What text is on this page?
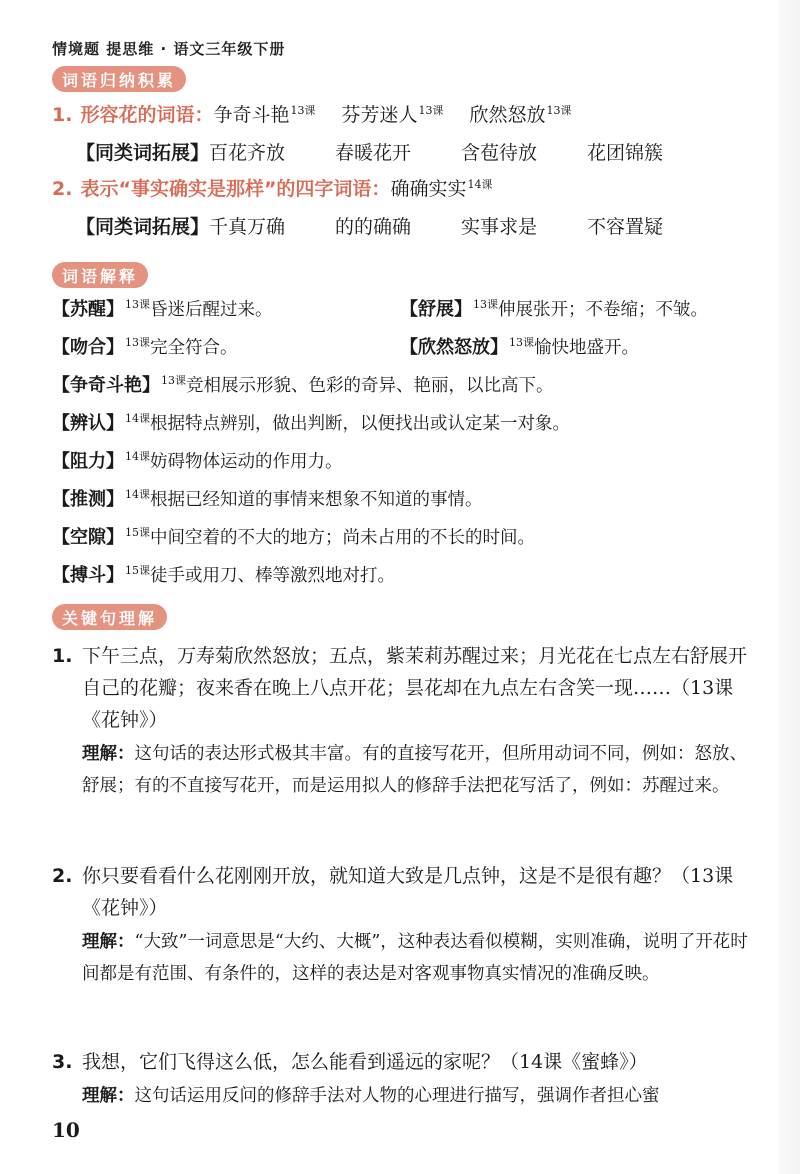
情境题 提思维 · 语文三年级下册
词语归纳积累
1. 形容花的词语：争奇斗艳$^{13课}$ 芬芳迷人$^{13课}$ 欣然怒放$^{13课}$
【同类词拓展】百花齐放	春暖花开	含苞待放	花团锦簇
2. 表示“事实确实是那样”的四字词语：确确实实$^{14课}$
【同类词拓展】千真万确	的的确确	实事求是	不容置疑
词语解释
【苏醒】$^{13课}$昏迷后醒过来。	【舒展】$^{13课}$伸展张开；不卷缩；不皱。
【吻合】$^{13课}$完全符合。	【欣然怒放】$^{13课}$愉快地盛开。
【争奇斗艳】$^{13课}$竞相展示形貌、色彩的奇异、艳丽，以比高下。
【辨认】$^{14课}$根据特点辨别，做出判断，以便找出或认定某一对象。
【阻力】$^{14课}$妨碍物体运动的作用力。
【推测】$^{14课}$根据已经知道的事情来想象不知道的事情。
【空隙】$^{15课}$中间空着的不大的地方；尚未占用的不长的时间。
【搏斗】$^{15课}$徒手或用刀、棒等激烈地对打。
关键句理解
1. 下午三点，万寿菊欣然怒放；五点，紫茉莉苏醒过来；月光花在七点左右舒展开自己的花瓣；夜来香在晚上八点开花；昙花却在九点左右含笑一现……（13课《花钟》）
理解：这句话的表达形式极其丰富。有的直接写花开，但所用动词不同，例如：怒放、舒展；有的不直接写花开，而是运用拟人的修辞手法把花写活了，例如：苏醒过来。
2. 你只要看看什么花刚刚开放，就知道大致是几点钟，这是不是很有趣？（13课《花钟》）
理解：“大致”一词意思是“大约、大概”，这种表达看似模糊，实则准确，说明了开花时间都是有范围、有条件的，这样的表达是对客观事物真实情况的准确反映。
3. 我想，它们飞得这么低，怎么能看到遥远的家呢？（14课《蜜蜂》）
理解：这句话运用反问的修辞手法对人物的心理进行描写，强调作者担心蜜
10
